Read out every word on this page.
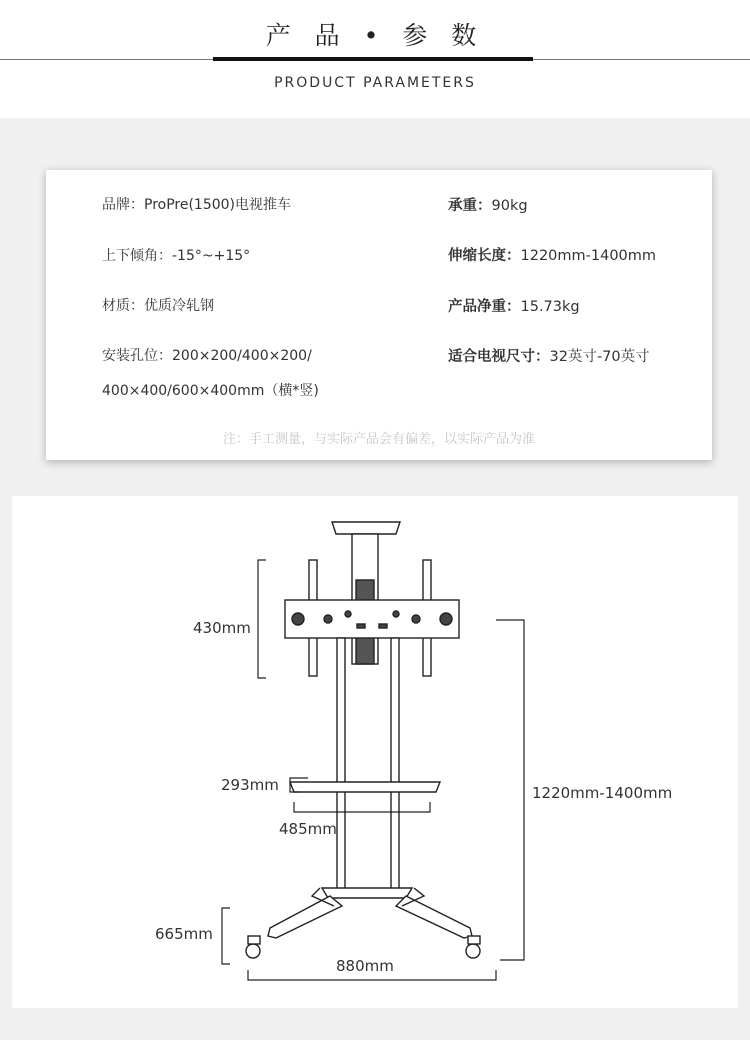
产 品 • 参 数
PRODUCT PARAMETERS
品牌：ProPre(1500)电视推车	承重：90kg
上下倾角：-15°~+15°	伸缩长度：1220mm-1400mm
材质：优质冷轧钢	产品净重：15.73kg
安装孔位：200×200/400×200/	适合电视尺寸：32英寸-70英寸
400×400/600×400mm（横*竖)
注：手工测量，与实际产品会有偏差，以实际产品为准
430mm
1220mm-1400mm
293mm
485mm
665mm
880mm
